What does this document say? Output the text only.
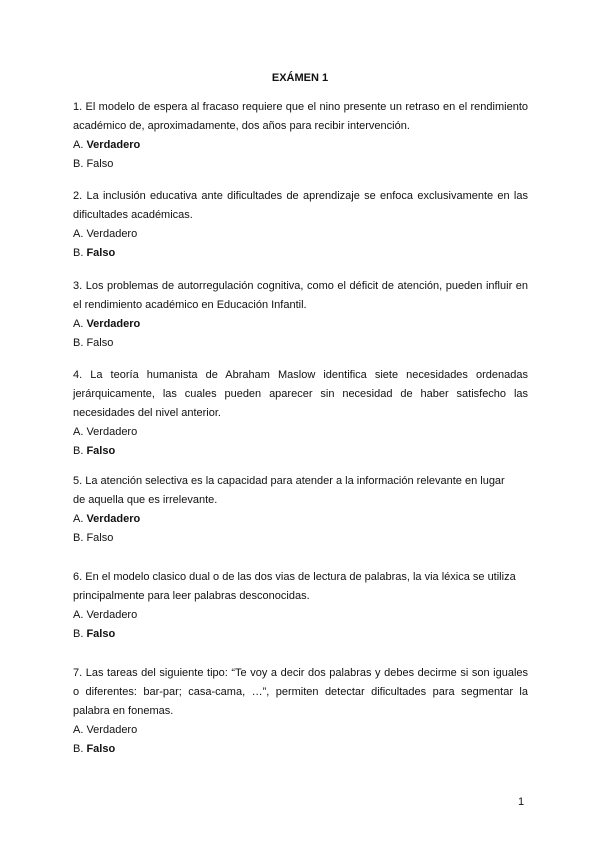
EXÁMEN 1

1. El modelo de espera al fracaso requiere que el nino presente un retraso en el rendimiento académico de, aproximadamente, dos años para recibir intervención.

A. Verdadero

B. Falso

2. La inclusión educativa ante dificultades de aprendizaje se enfoca exclusivamente en las dificultades académicas.

A. Verdadero

B. Falso

3. Los problemas de autorregulación cognitiva, como el déficit de atención, pueden influir en el rendimiento académico en Educación Infantil.

A. Verdadero

B. Falso

4. La teoría humanista de Abraham Maslow identifica siete necesidades ordenadas jerárquicamente, las cuales pueden aparecer sin necesidad de haber satisfecho las necesidades del nivel anterior.

A. Verdadero

B. Falso

5. La atención selectiva es la capacidad para atender a la información relevante en lugar de aquella que es irrelevante.

A. Verdadero

B. Falso

6. En el modelo clasico dual o de las dos vias de lectura de palabras, la via léxica se utiliza principalmente para leer palabras desconocidas.

A. Verdadero

B. Falso

7. Las tareas del siguiente tipo: “Te voy a decir dos palabras y debes decirme si son iguales o diferentes: bar-par; casa-cama, …”, permiten detectar dificultades para segmentar la palabra en fonemas.

A. Verdadero

B. Falso

1
